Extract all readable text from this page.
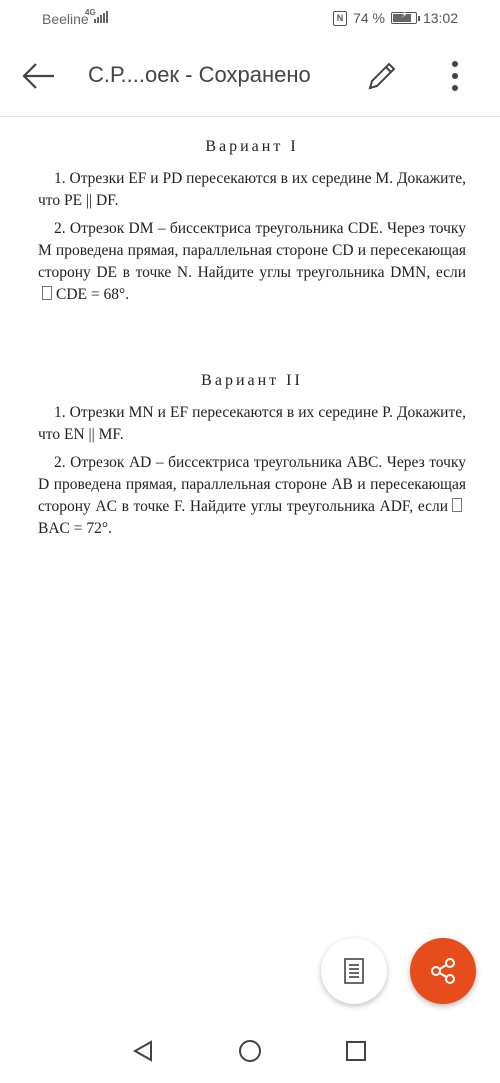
Beeline
4G	N 74 %	⚡	13:02
С.Р....оек - Сохранено

Вариант I

1. Отрезки EF и PD пересекаются в их середине M. Докажите, что PE || DF.

2. Отрезок DM – биссектриса треугольника CDE. Через точку M проведена прямая, параллельная стороне CD и пересекающая сторону DE в точке N. Найдите углы треугольника DMN, еслиCDE = 68°.

Вариант II

1. Отрезки MN и EF пересекаются в их середине P. Докажите, что EN || MF.

2. Отрезок AD – биссектриса треугольника ABC. Через точку D проведена прямая, параллельная стороне AB и пересекающая сторону AC в точке F. Найдите углы треугольника ADF, еслиBAC = 72°.
